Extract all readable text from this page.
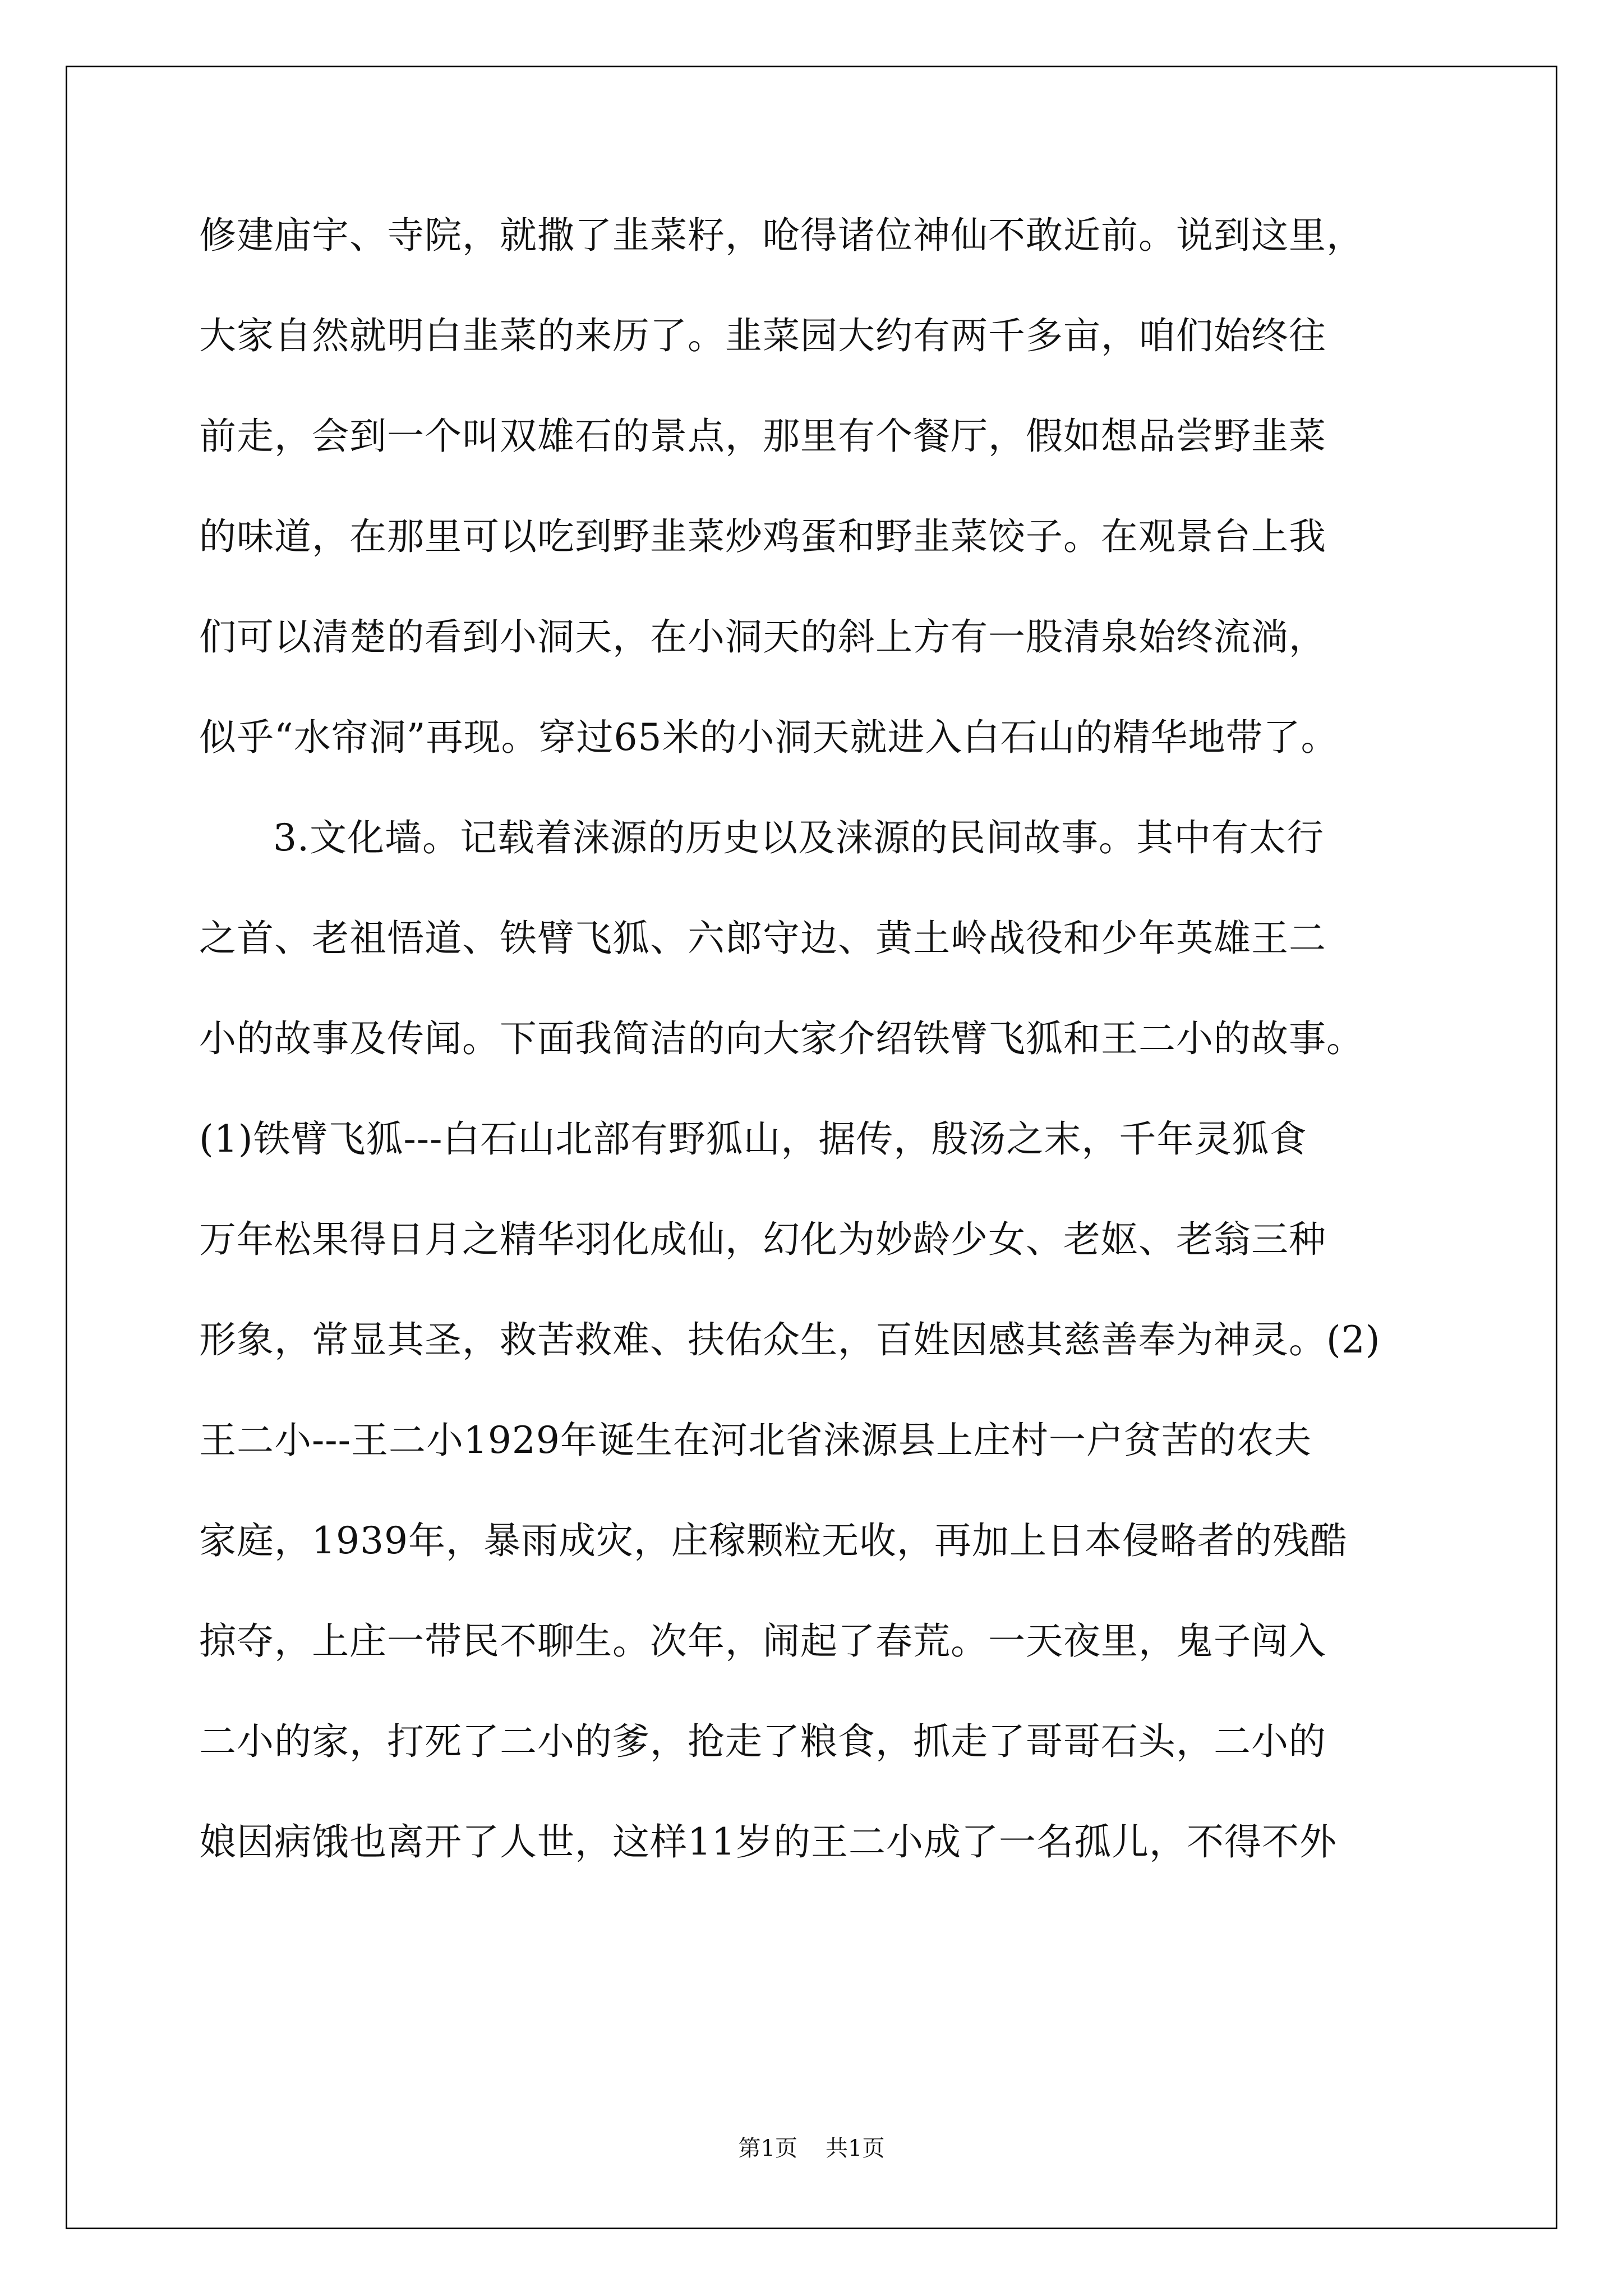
修建庙宇、寺院，就撒了韭菜籽，呛得诸位神仙不敢近前。说到这里，
大家自然就明白韭菜的来历了。韭菜园大约有两千多亩，咱们始终往
前走，会到一个叫双雄石的景点，那里有个餐厅，假如想品尝野韭菜
的味道，在那里可以吃到野韭菜炒鸡蛋和野韭菜饺子。在观景台上我
们可以清楚的看到小洞天，在小洞天的斜上方有一股清泉始终流淌，
似乎“水帘洞”再现。穿过65米的小洞天就进入白石山的精华地带了。
3.文化墙。记载着涞源的历史以及涞源的民间故事。其中有太行
之首、老祖悟道、铁臂飞狐、六郎守边、黄土岭战役和少年英雄王二
小的故事及传闻。下面我简洁的向大家介绍铁臂飞狐和王二小的故事。
(1)铁臂飞狐---白石山北部有野狐山，据传，殷汤之末，千年灵狐食
万年松果得日月之精华羽化成仙，幻化为妙龄少女、老妪、老翁三种
形象，常显其圣，救苦救难、扶佑众生，百姓因感其慈善奉为神灵。(2)
王二小---王二小1929年诞生在河北省涞源县上庄村一户贫苦的农夫
家庭，1939年，暴雨成灾，庄稼颗粒无收，再加上日本侵略者的残酷
掠夺，上庄一带民不聊生。次年，闹起了春荒。一天夜里，鬼子闯入
二小的家，打死了二小的爹，抢走了粮食，抓走了哥哥石头，二小的
娘因病饿也离开了人世，这样11岁的王二小成了一名孤儿，不得不外
第1页 共1页
